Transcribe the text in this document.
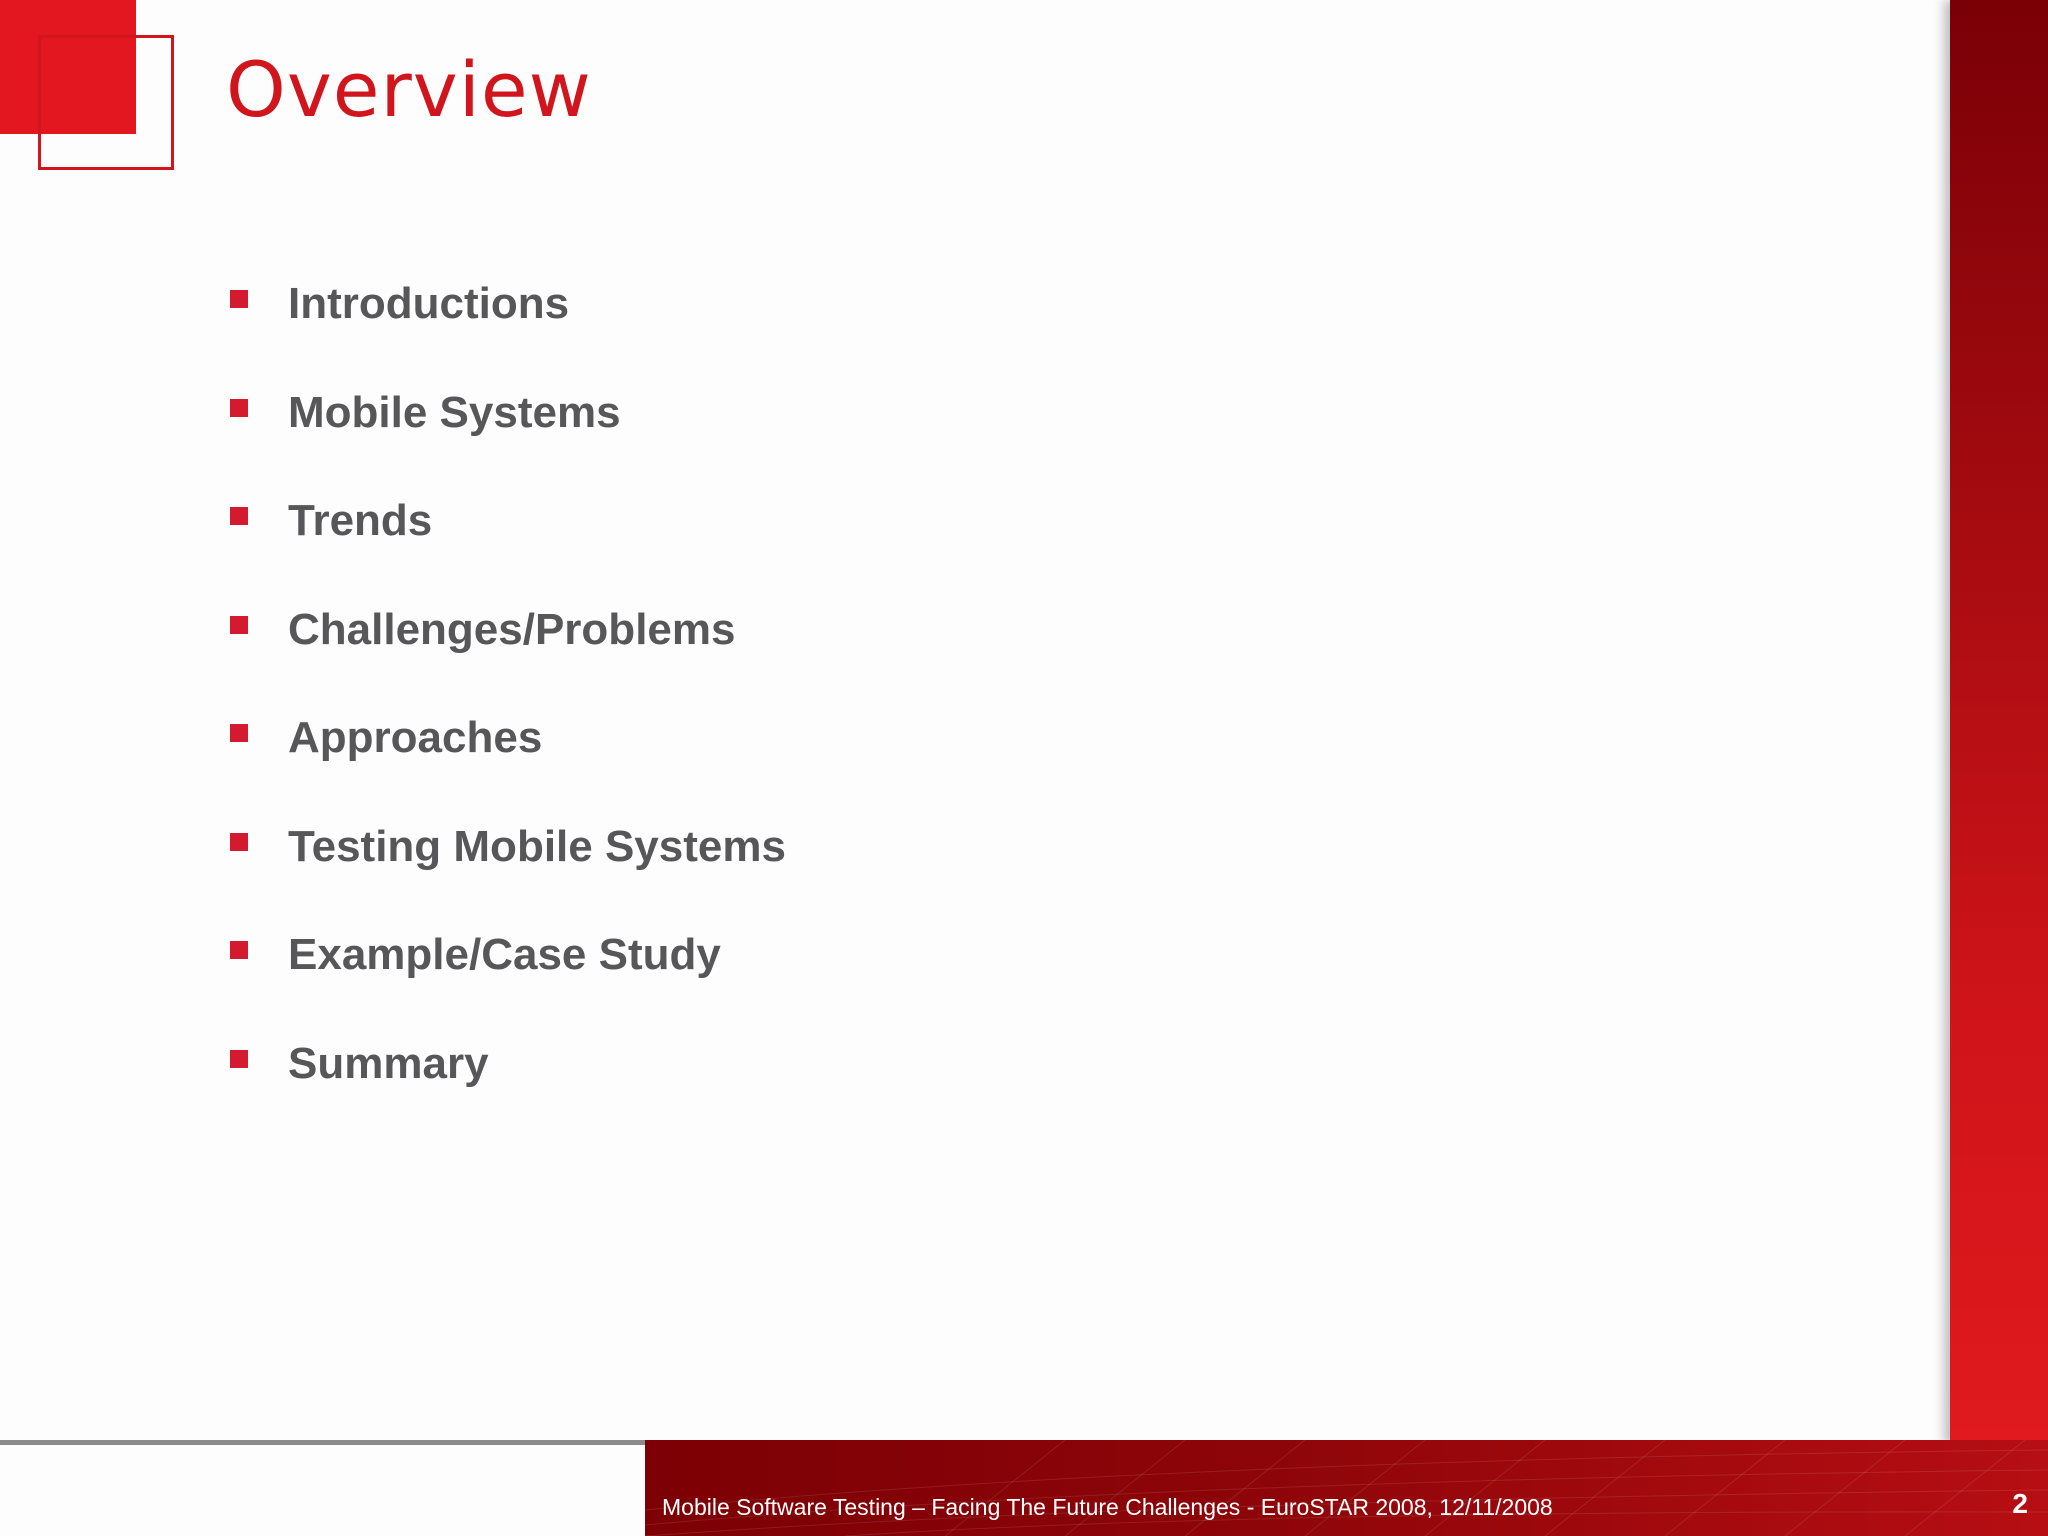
Overview
Introductions
Mobile Systems
Trends
Challenges/Problems
Approaches
Testing Mobile Systems
Example/Case Study
Summary
Mobile Software Testing – Facing The Future Challenges - EuroSTAR 2008, 12/11/2008	2
